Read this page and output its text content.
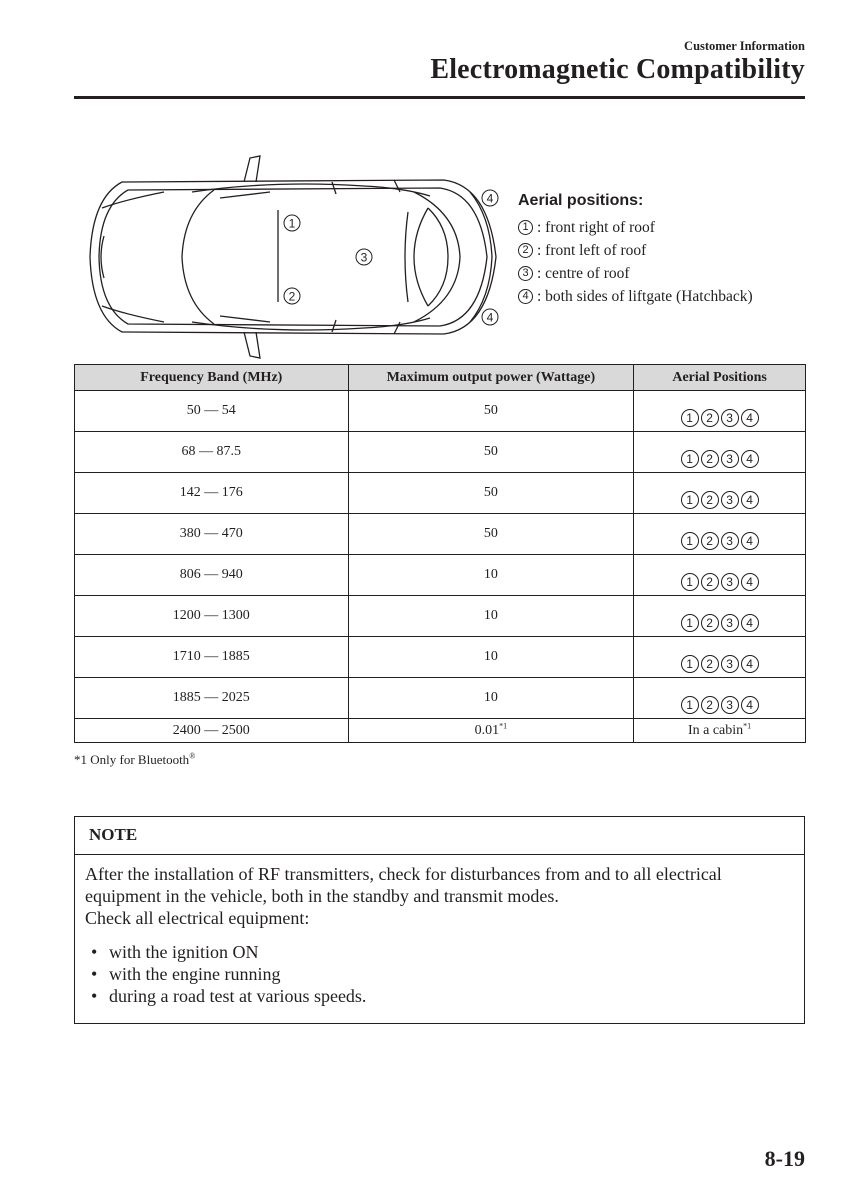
Customer Information
Electromagnetic Compatibility
1
3
2
4
4
Aerial positions:
1 : front right of roof
2 : front left of roof
3 : centre of roof
4 : both sides of liftgate (Hatchback)
Frequency Band (MHz)	Maximum output power (Wattage)	Aerial Positions
50 — 54	50	1 2 3 4

68 — 87.5	50	1 2 3 4

142 — 176	50	1 2 3 4

380 — 470	50	1 2 3 4

806 — 940	10	1 2 3 4

1200 — 1300	10	1 2 3 4

1710 — 1885	10	1 2 3 4

1885 — 2025	10	1 2 3 4

2400 — 2500	0.01$^{*1}$	In a cabin$^{*1}$
*1 Only for Bluetooth®
NOTE

After the installation of RF transmitters, check for disturbances from and to all electrical equipment in the vehicle, both in the standby and transmit modes.

Check all electrical equipment:

• with the ignition ON
• with the engine running
• during a road test at various speeds.
8-19
